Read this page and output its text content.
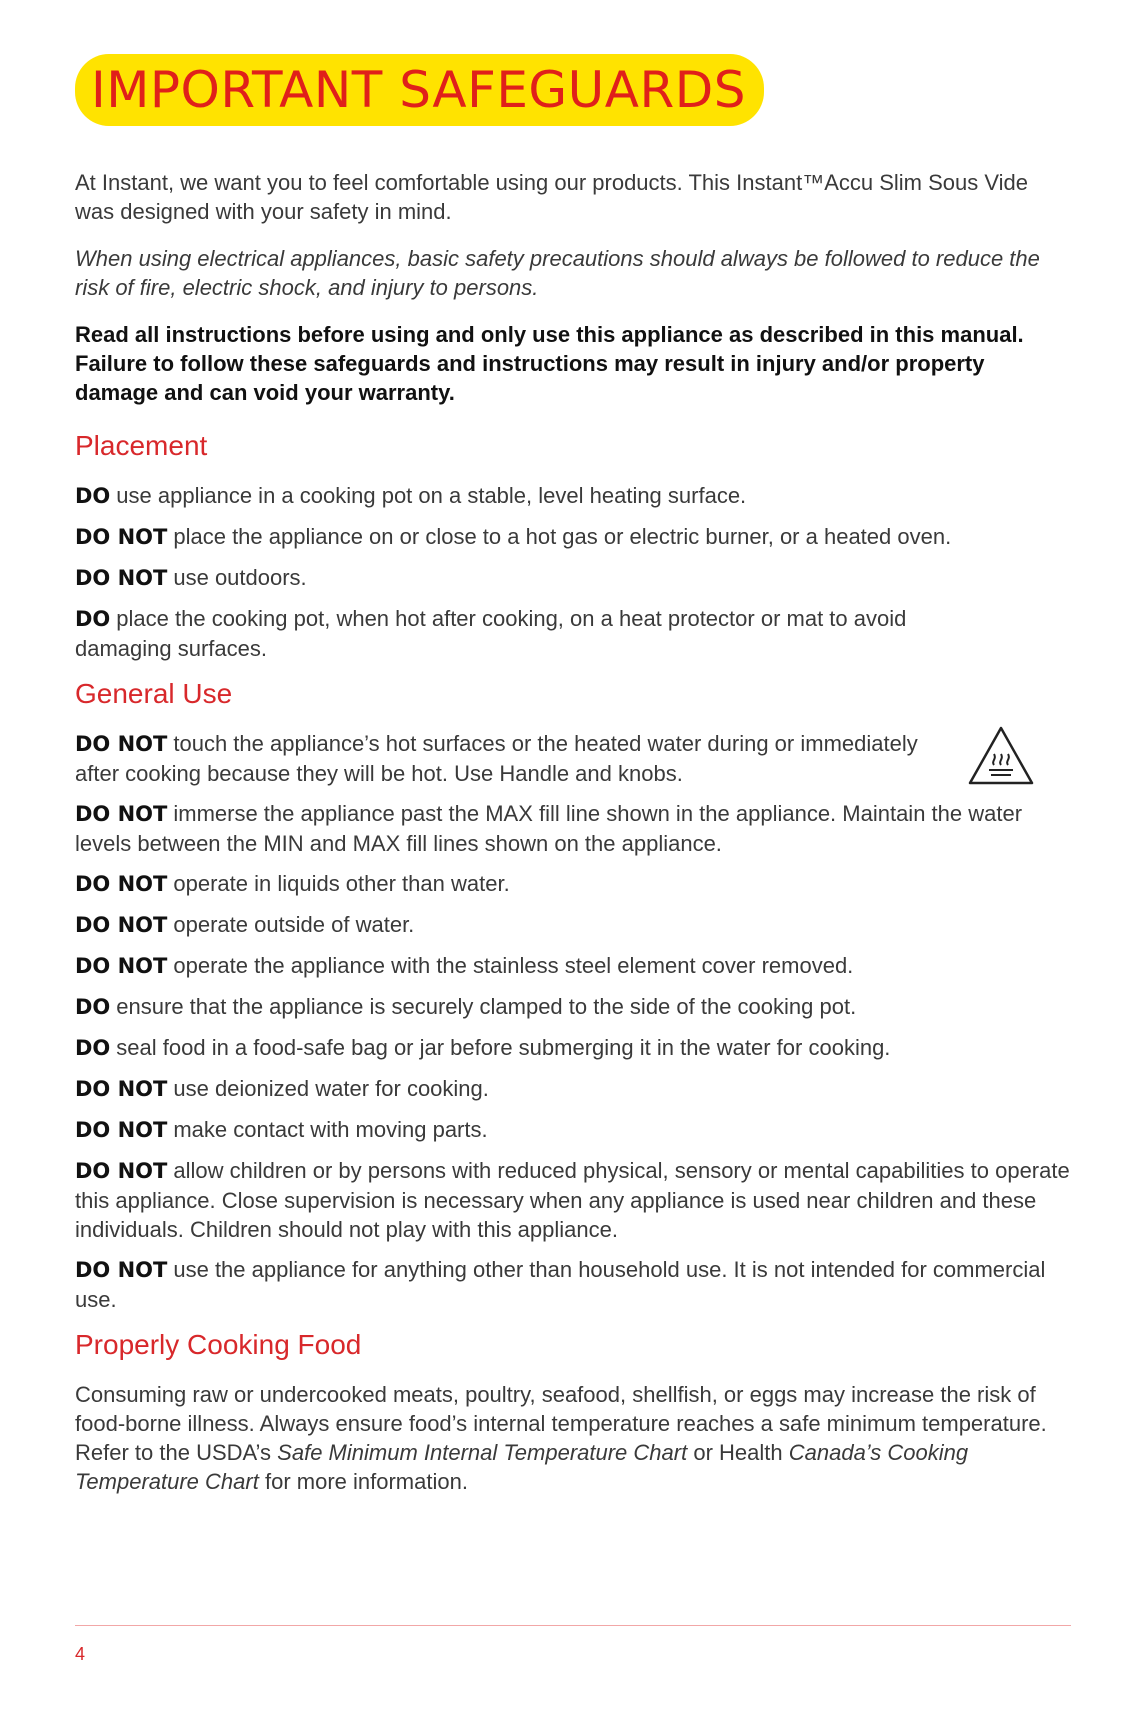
IMPORTANT SAFEGUARDS

At Instant, we want you to feel comfortable using our products. This Instant™Accu Slim Sous Vide was designed with your safety in mind.

When using electrical appliances, basic safety precautions should always be followed to reduce the risk of fire, electric shock, and injury to persons.

Read all instructions before using and only use this appliance as described in this manual. Failure to follow these safeguards and instructions may result in injury and/or property damage and can void your warranty.

Placement

DO use appliance in a cooking pot on a stable, level heating surface.

DO NOT place the appliance on or close to a hot gas or electric burner, or a heated oven.

DO NOT use outdoors.

DO place the cooking pot, when hot after cooking, on a heat protector or mat to avoid damaging surfaces.

General Use

DO NOT touch the appliance’s hot surfaces or the heated water during or immediately after cooking because they will be hot. Use Handle and knobs.

DO NOT immerse the appliance past the MAX fill line shown in the appliance. Maintain the water levels between the MIN and MAX fill lines shown on the appliance.

DO NOT operate in liquids other than water.

DO NOT operate outside of water.

DO NOT operate the appliance with the stainless steel element cover removed.

DO ensure that the appliance is securely clamped to the side of the cooking pot.

DO seal food in a food-safe bag or jar before submerging it in the water for cooking.

DO NOT use deionized water for cooking.

DO NOT make contact with moving parts.

DO NOT allow children or by persons with reduced physical, sensory or mental capabilities to operate this appliance. Close supervision is necessary when any appliance is used near children and these individuals. Children should not play with this appliance.

DO NOT use the appliance for anything other than household use. It is not intended for commercial use.

Properly Cooking Food

Consuming raw or undercooked meats, poultry, seafood, shellfish, or eggs may increase the risk of food-borne illness. Always ensure food’s internal temperature reaches a safe minimum temperature. Refer to the USDA’s Safe Minimum Internal Temperature Chart or Health Canada’s Cooking Temperature Chart for more information.

4
